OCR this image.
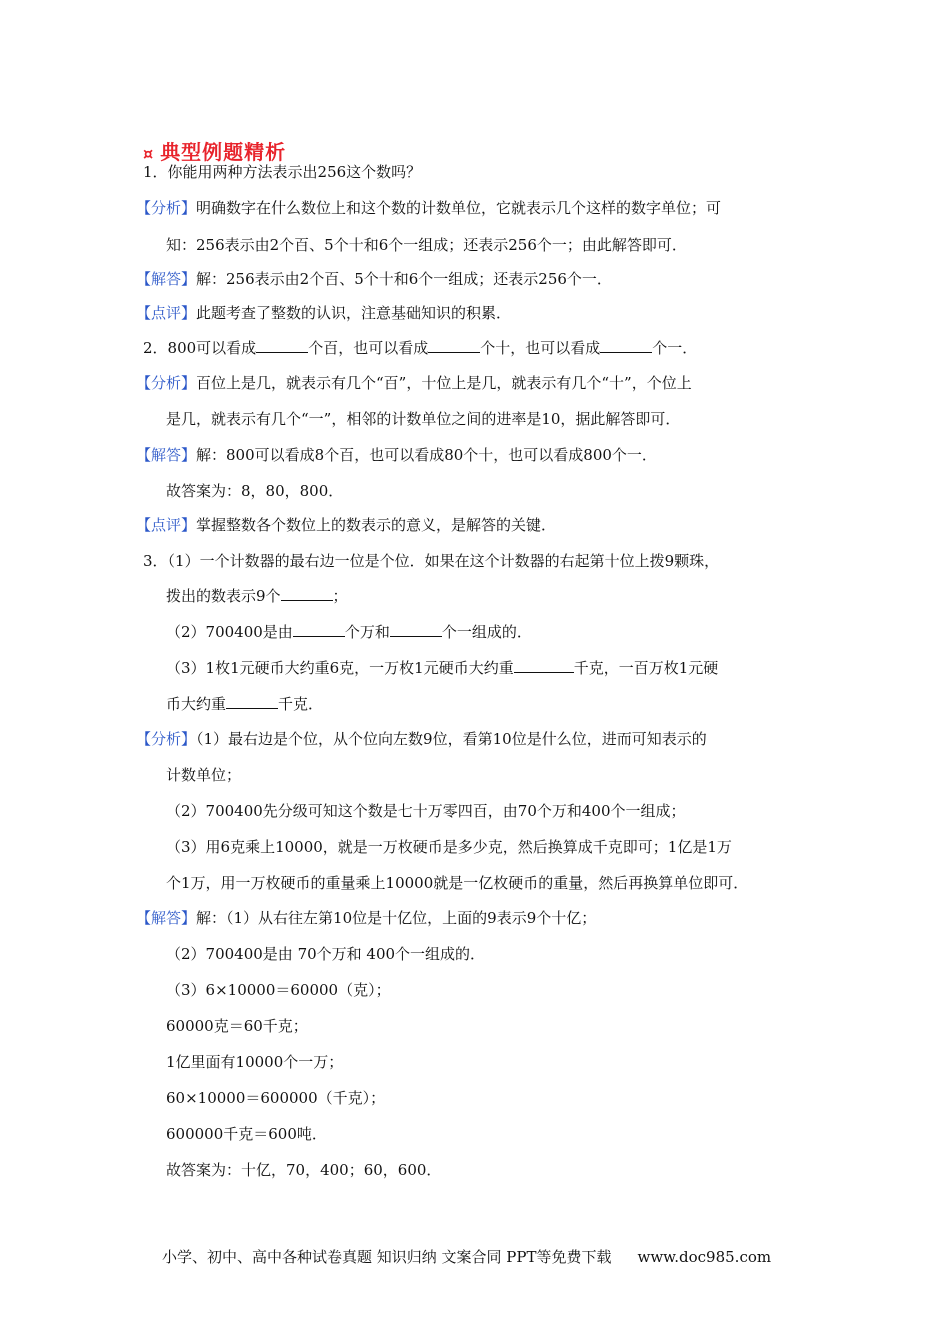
¤ 典型例题精析
1．你能用两种方法表示出256这个数吗？
【分析】明确数字在什么数位上和这个数的计数单位，它就表示几个这样的数字单位；可
知：256表示由2个百、5个十和6个一组成；还表示256个一；由此解答即可．
【解答】解：256表示由2个百、5个十和6个一组成；还表示256个一．
【点评】此题考查了整数的认识，注意基础知识的积累．
2．800可以看成	个百，也可以看成	个十，也可以看成	个一．
【分析】百位上是几，就表示有几个“百”，十位上是几，就表示有几个“十”，个位上
是几，就表示有几个“一”，相邻的计数单位之间的进率是10，据此解答即可．
【解答】解：800可以看成8个百，也可以看成80个十，也可以看成800个一．
故答案为：8，80，800．
【点评】掌握整数各个数位上的数表示的意义，是解答的关键．
3．（1）一个计数器的最右边一位是个位．如果在这个计数器的右起第十位上拨9颗珠，
拨出的数表示9个	；
（2）700400是由	个万和	个一组成的．
（3）1枚1元硬币大约重6克，一万枚1元硬币大约重	千克，一百万枚1元硬
币大约重	千克．
【分析】（1）最右边是个位，从个位向左数9位，看第10位是什么位，进而可知表示的
计数单位；
（2）700400先分级可知这个数是七十万零四百，由70个万和400个一组成；
（3）用6克乘上10000，就是一万枚硬币是多少克，然后换算成千克即可；1亿是1万
个1万，用一万枚硬币的重量乘上10000就是一亿枚硬币的重量，然后再换算单位即可．
【解答】解：（1）从右往左第10位是十亿位，上面的9表示9个十亿；
（2）700400是由 70个万和 400个一组成的．
（3）6×10000＝60000（克）；
60000克＝60千克；
1亿里面有10000个一万；
60×10000＝600000（千克）；
600000千克＝600吨．
故答案为：十亿，70，400；60，600．
小学、初中、高中各种试卷真题 知识归纳 文案合同 PPT等免费下载 www.doc985.com
